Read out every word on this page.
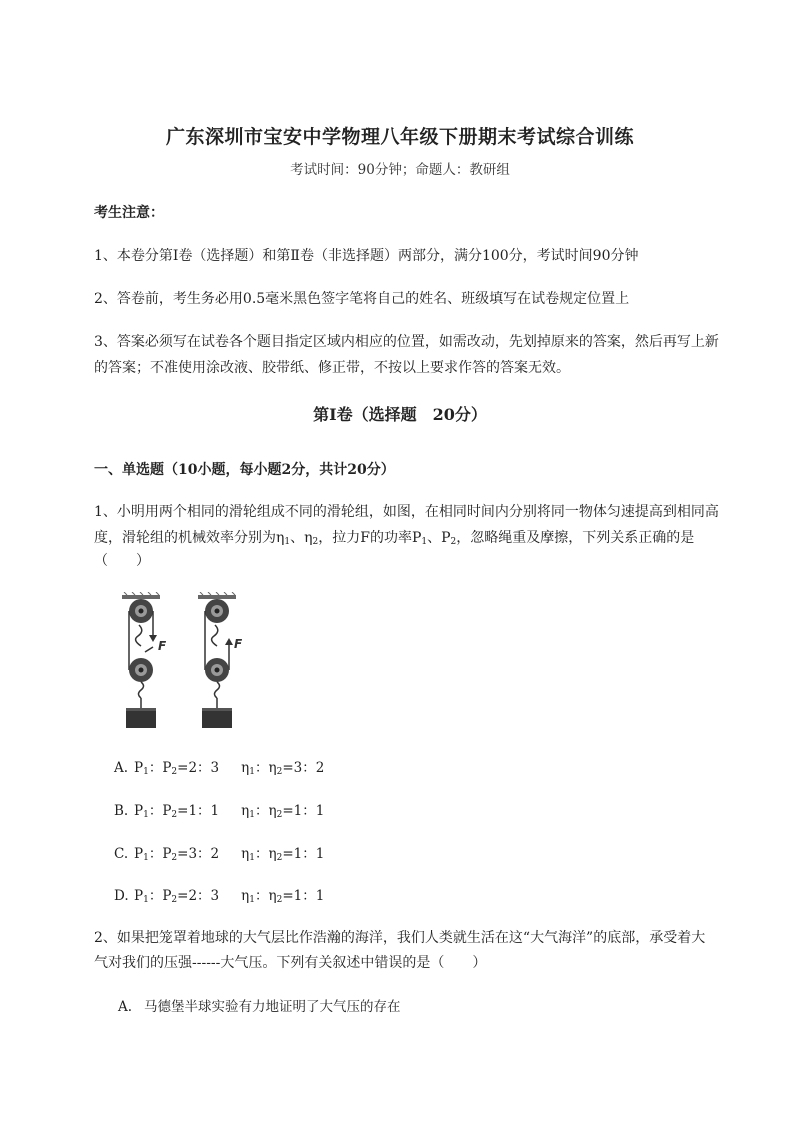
广东深圳市宝安中学物理八年级下册期末考试综合训练
考试时间：90分钟；命题人：教研组
考生注意：
1、本卷分第Ⅰ卷（选择题）和第Ⅱ卷（非选择题）两部分，满分100分，考试时间90分钟
2、答卷前，考生务必用0.5毫米黑色签字笔将自己的姓名、班级填写在试卷规定位置上
3、答案必须写在试卷各个题目指定区域内相应的位置，如需改动，先划掉原来的答案，然后再写上新
的答案；不准使用涂改液、胶带纸、修正带，不按以上要求作答的答案无效。
第Ⅰ卷（选择题　20分）
一、单选题（10小题，每小题2分，共计20分）
1、小明用两个相同的滑轮组成不同的滑轮组，如图，在相同时间内分别将同一物体匀速提高到相同高
度，滑轮组的机械效率分别为$\eta_1$、$\eta_2$，拉力F的功率$P_1$、$P_2$，忽略绳重及摩擦，下列关系正确的是
（　　）
F	F
A. $P_1$：$P_2=2$：3 $\eta_1$：$\eta_2=3$：2
B. $P_1$：$P_2=1$：1 $\eta_1$：$\eta_2=1$：1
C. $P_1$：$P_2=3$：2 $\eta_1$：$\eta_2=1$：1
D. $P_1$：$P_2=2$：3 $\eta_1$：$\eta_2=1$：1
2、如果把笼罩着地球的大气层比作浩瀚的海洋，我们人类就生活在这“大气海洋”的底部，承受着大
气对我们的压强------大气压。下列有关叙述中错误的是（　　）
A. 马德堡半球实验有力地证明了大气压的存在
